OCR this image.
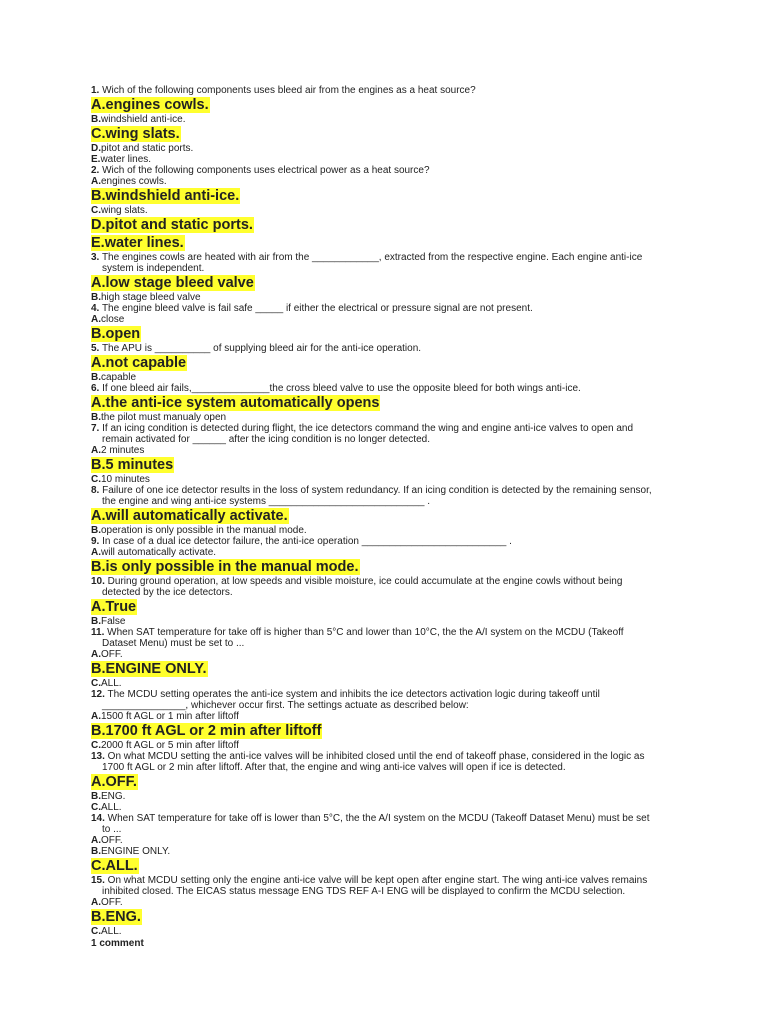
1. Wich of the following components uses bleed air from the engines as a heat source?
A.engines cowls.
B.windshield anti-ice.
C.wing slats.
D.pitot and static ports.
E.water lines.
2. Wich of the following components uses electrical power as a heat source?
A.engines cowls.
B.windshield anti-ice.
C.wing slats.
D.pitot and static ports.
E.water lines.
3. The engines cowls are heated with air from the ____________, extracted from the respective engine. Each engine anti-ice
system is independent.
A.low stage bleed valve
B.high stage bleed valve
4. The engine bleed valve is fail safe _____ if either the electrical or pressure signal are not present.
A.close
B.open
5. The APU is __________ of supplying bleed air for the anti-ice operation.
A.not capable
B.capable
6. If one bleed air fails,______________the cross bleed valve to use the opposite bleed for both wings anti-ice.
A.the anti-ice system automatically opens
B.the pilot must manualy open
7. If an icing condition is detected during flight, the ice detectors command the wing and engine anti-ice valves to open and
remain activated for ______ after the icing condition is no longer detected.
A.2 minutes
B.5 minutes
C.10 minutes
8. Failure of one ice detector results in the loss of system redundancy. If an icing condition is detected by the remaining sensor,
the engine and wing anti-ice systems ____________________________ .
A.will automatically activate.
B.operation is only possible in the manual mode.
9. In case of a dual ice detector failure, the anti-ice operation __________________________ .
A.will automatically activate.
B.is only possible in the manual mode.
10. During ground operation, at low speeds and visible moisture, ice could accumulate at the engine cowls without being
detected by the ice detectors.
A.True
B.False
11. When SAT temperature for take off is higher than 5°C and lower than 10°C, the the A/I system on the MCDU (Takeoff
Dataset Menu) must be set to ...
A.OFF.
B.ENGINE ONLY.
C.ALL.
12. The MCDU setting operates the anti-ice system and inhibits the ice detectors activation logic during takeoff until
_______________, whichever occur first. The settings actuate as described below:
A.1500 ft AGL or 1 min after liftoff
B.1700 ft AGL or 2 min after liftoff
C.2000 ft AGL or 5 min after liftoff
13. On what MCDU setting the anti-ice valves will be inhibited closed until the end of takeoff phase, considered in the logic as
1700 ft AGL or 2 min after liftoff. After that, the engine and wing anti-ice valves will open if ice is detected.
A.OFF.
B.ENG.
C.ALL.
14. When SAT temperature for take off is lower than 5°C, the the A/I system on the MCDU (Takeoff Dataset Menu) must be set
to ...
A.OFF.
B.ENGINE ONLY.
C.ALL.
15. On what MCDU setting only the engine anti-ice valve will be kept open after engine start. The wing anti-ice valves remains
inhibited closed. The EICAS status message ENG TDS REF A-I ENG will be displayed to confirm the MCDU selection.
A.OFF.
B.ENG.
C.ALL.
1 comment
